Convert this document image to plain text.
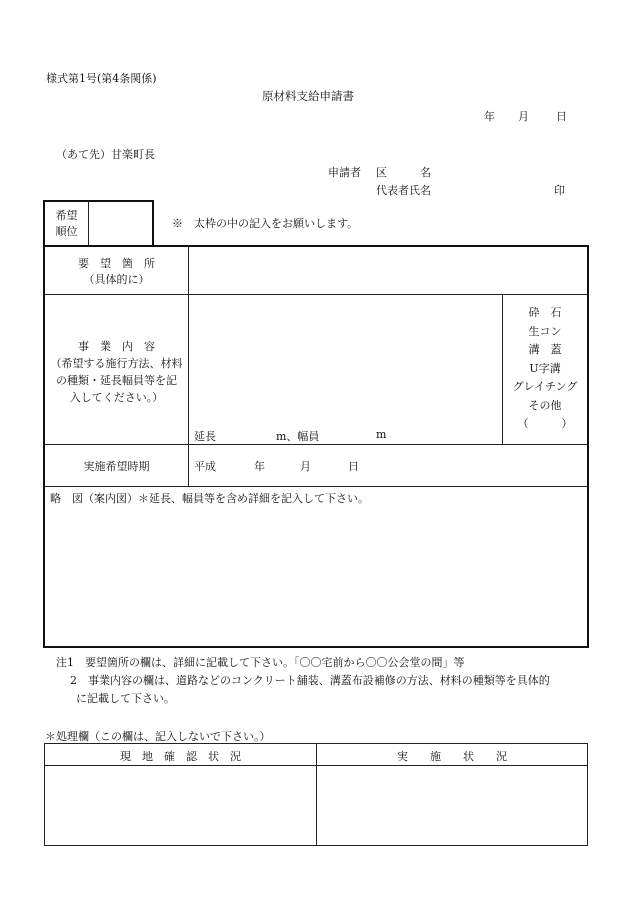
様式第1号(第4条関係)
原材料支給申請書
年 月 日
（あて先）甘楽町長
申請者 区　　　名
代表者氏名	印
希望
順位
※　太枠の中の記入をお願いします。
要　望　箇　所
（具体的に）
事　業　内　容
（希望する施行方法、材料
の種類・延長幅員等を記
入してください。）
延長	m、幅員	m
砕　石
生コン
溝　蓋
U字溝
グレイチング
その他
（　　　）
実施希望時期	平成	年	月	日
略　図（案内図）＊延長、幅員等を含め詳細を記入して下さい。
注1　要望箇所の欄は、詳細に記載して下さい。「〇〇宅前から〇〇公会堂の間」等
2　事業内容の欄は、道路などのコンクリート舗装、溝蓋布設補修の方法、材料の種類等を具体的
に記載して下さい。
＊処理欄（この欄は、記入しないで下さい。）
現　地　確　認　状　況	実　　施　　状　　況
